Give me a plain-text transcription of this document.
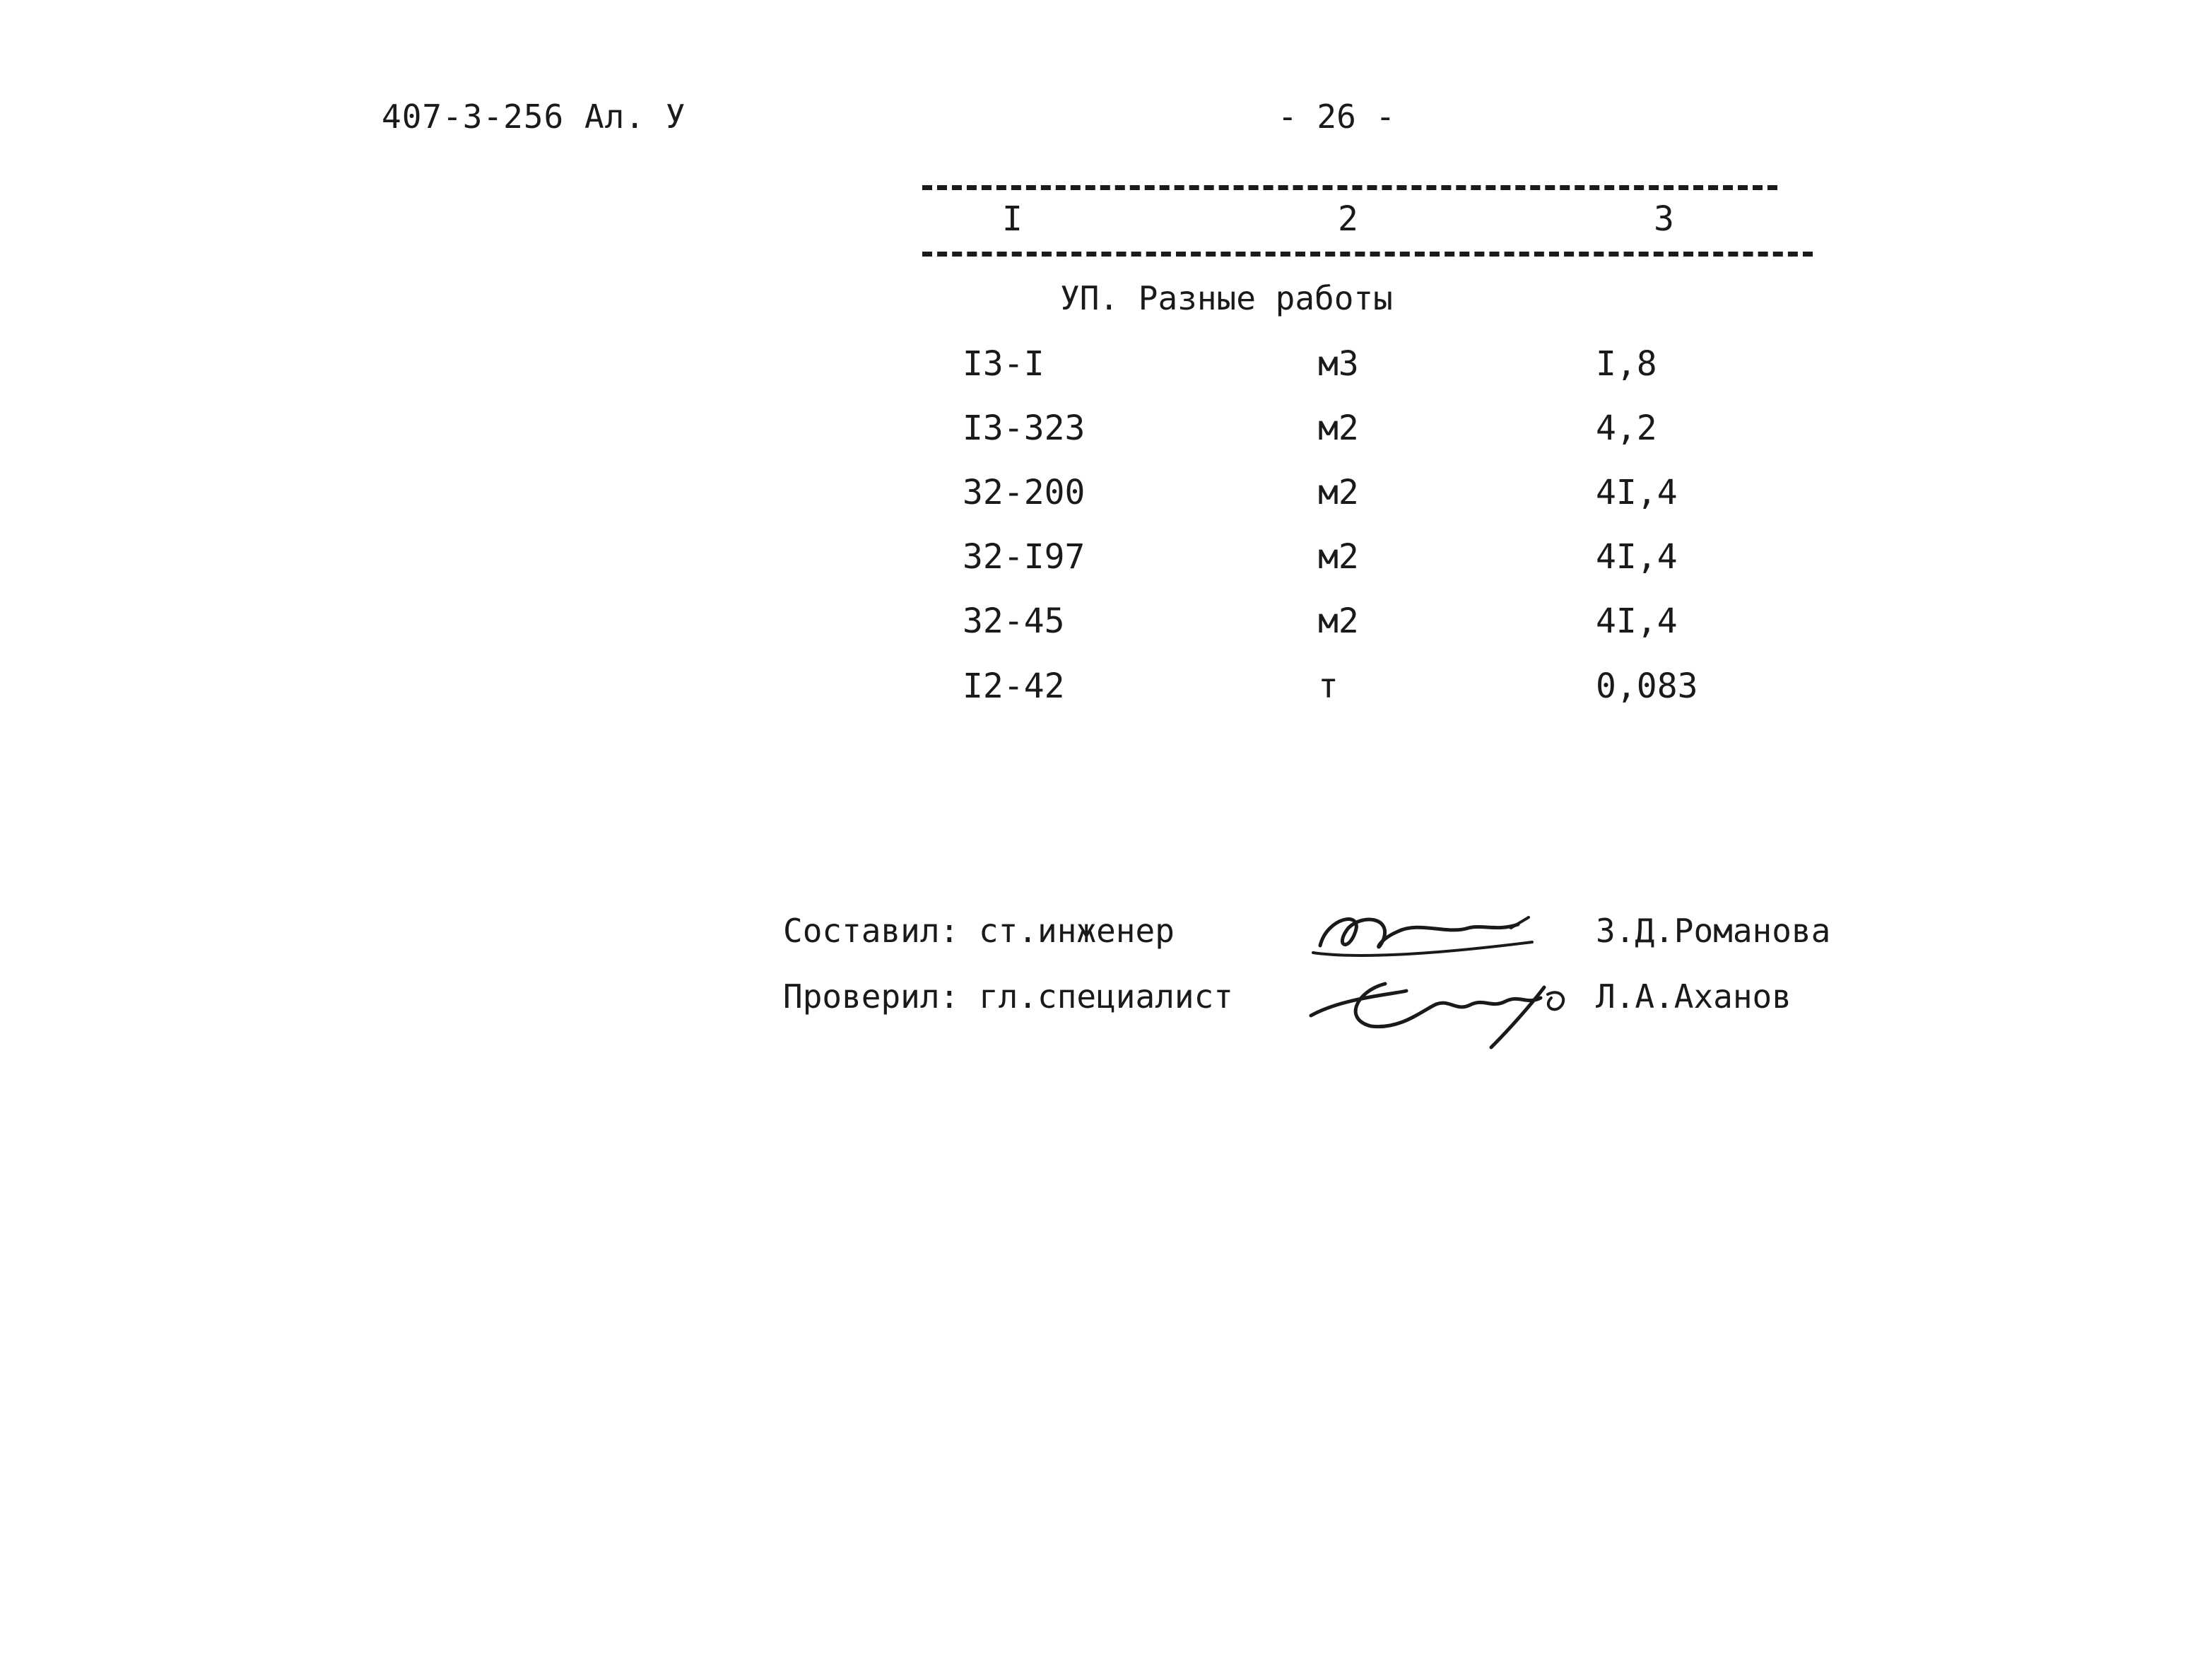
407-3-256 Ал. У	- 26 -
I	2	3
УП. Разные работы
I3-I	м3	I,8
I3-323	м2	4,2
32-200	м2	4I,4
32-I97	м2	4I,4
32-45	м2	4I,4
I2-42	т	0,083
Составил: ст.инженер	З.Д.Романова
Проверил: гл.специалист	Л.А.Аханов
